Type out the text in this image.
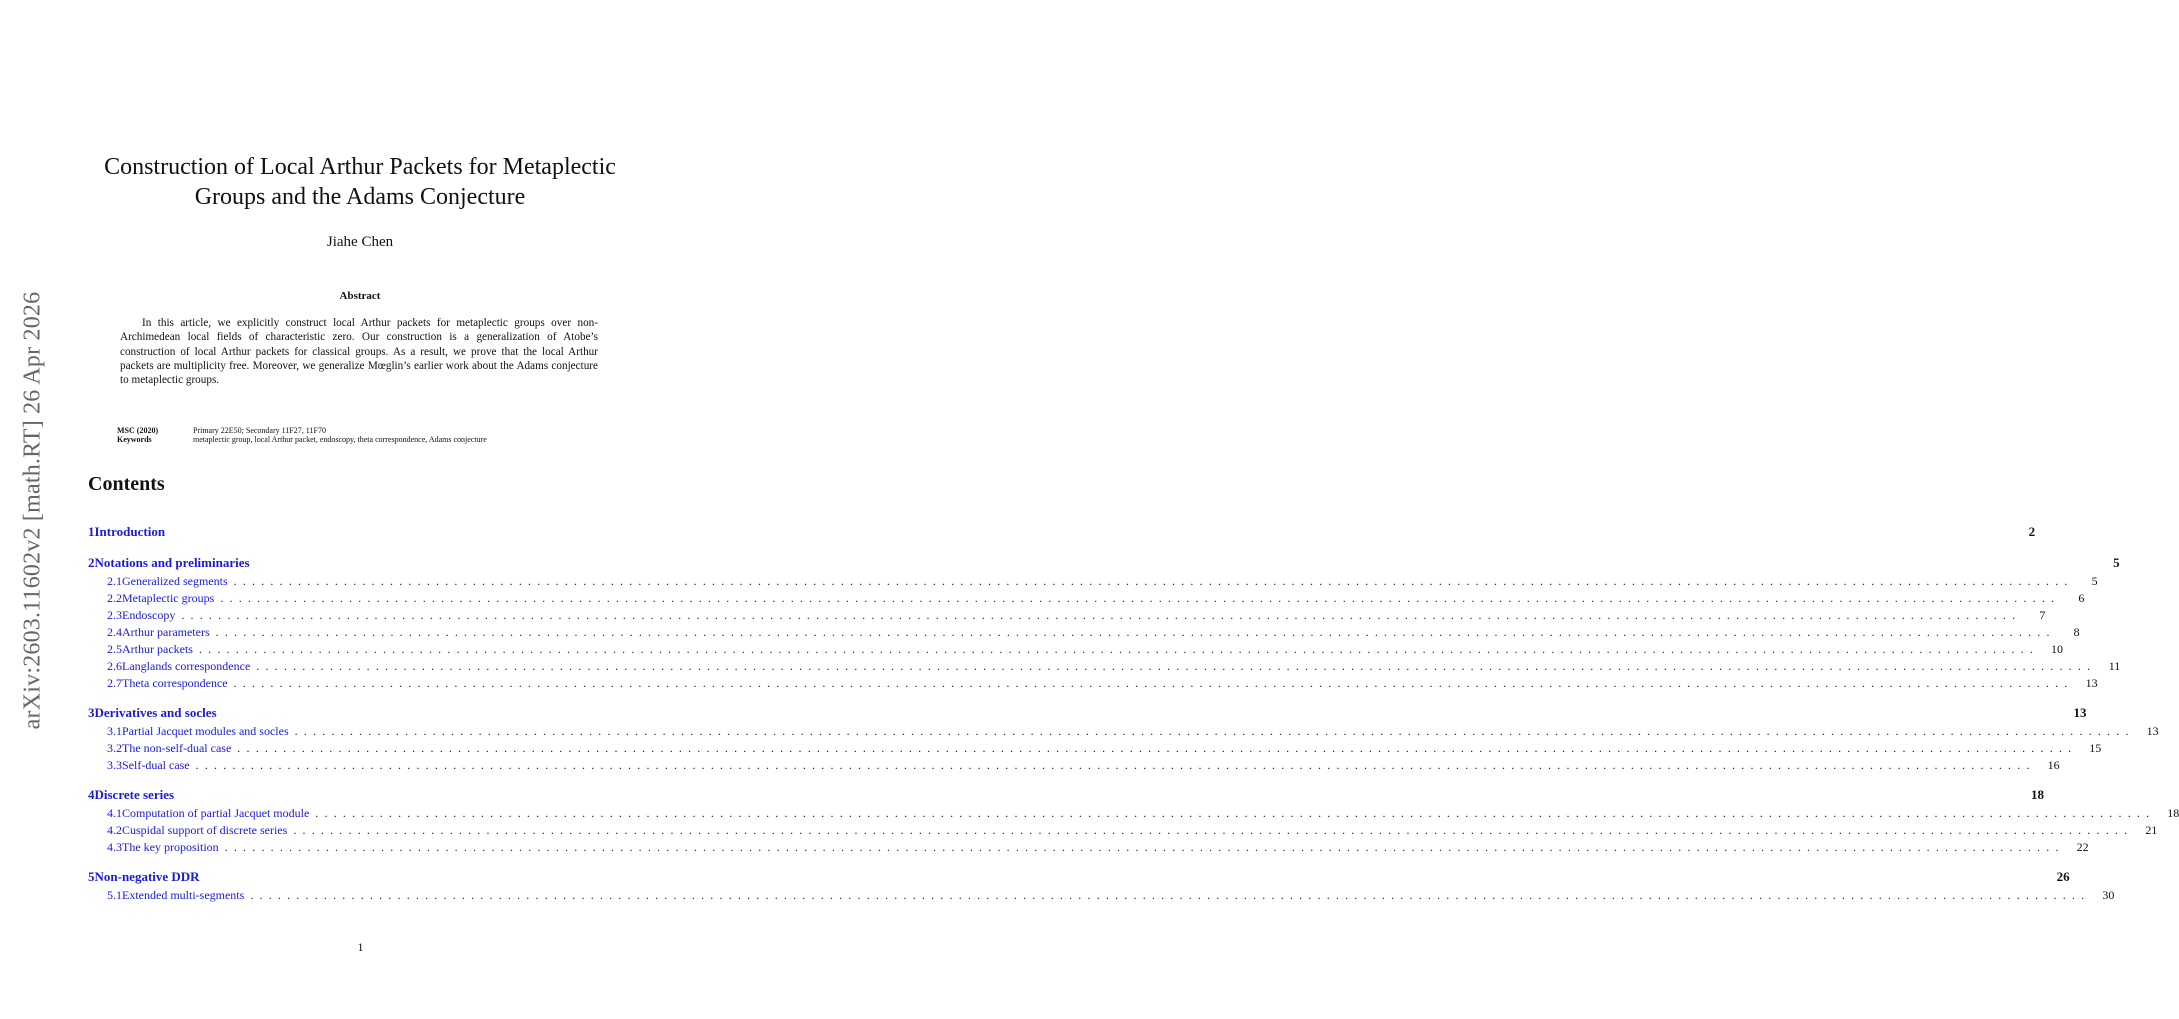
arXiv:2603.11602v2 [math.RT] 26 Apr 2026
Construction of Local Arthur Packets for Metaplectic Groups and the Adams Conjecture
Jiahe Chen
Abstract

In this article, we explicitly construct local Arthur packets for metaplectic groups over non-Archimedean local fields of characteristic zero. Our construction is a generalization of Atobe’s construction of local Arthur packets for classical groups. As a result, we prove that the local Arthur packets are multiplicity free. Moreover, we generalize Mœglin’s earlier work about the Adams conjecture to metaplectic groups.

MSC (2020)	Primary 22E50; Secondary 11F27, 11F70
Keywords	metaplectic group, local Arthur packet, endoscopy, theta correspondence, Adams conjecture
Contents
1 Introduction	2
2 Notations and preliminaries	5
2.1 Generalized segments ........................................................................................................................................................................................................	5
2.2 Metaplectic groups ........................................................................................................................................................................................................	6
2.3 Endoscopy ........................................................................................................................................................................................................	7
2.4 Arthur parameters ........................................................................................................................................................................................................	8
2.5 Arthur packets ........................................................................................................................................................................................................	10
2.6 Langlands correspondence ........................................................................................................................................................................................................	11
2.7 Theta correspondence ........................................................................................................................................................................................................	13
3 Derivatives and socles	13
3.1 Partial Jacquet modules and socles ........................................................................................................................................................................................................	13
3.2 The non-self-dual case ........................................................................................................................................................................................................	15
3.3 Self-dual case ........................................................................................................................................................................................................	16
4 Discrete series	18
4.1 Computation of partial Jacquet module ........................................................................................................................................................................................................	18
4.2 Cuspidal support of discrete series ........................................................................................................................................................................................................	21
4.3 The key proposition ........................................................................................................................................................................................................	22
5 Non-negative DDR	26
5.1 Extended multi-segments ........................................................................................................................................................................................................	30
1
